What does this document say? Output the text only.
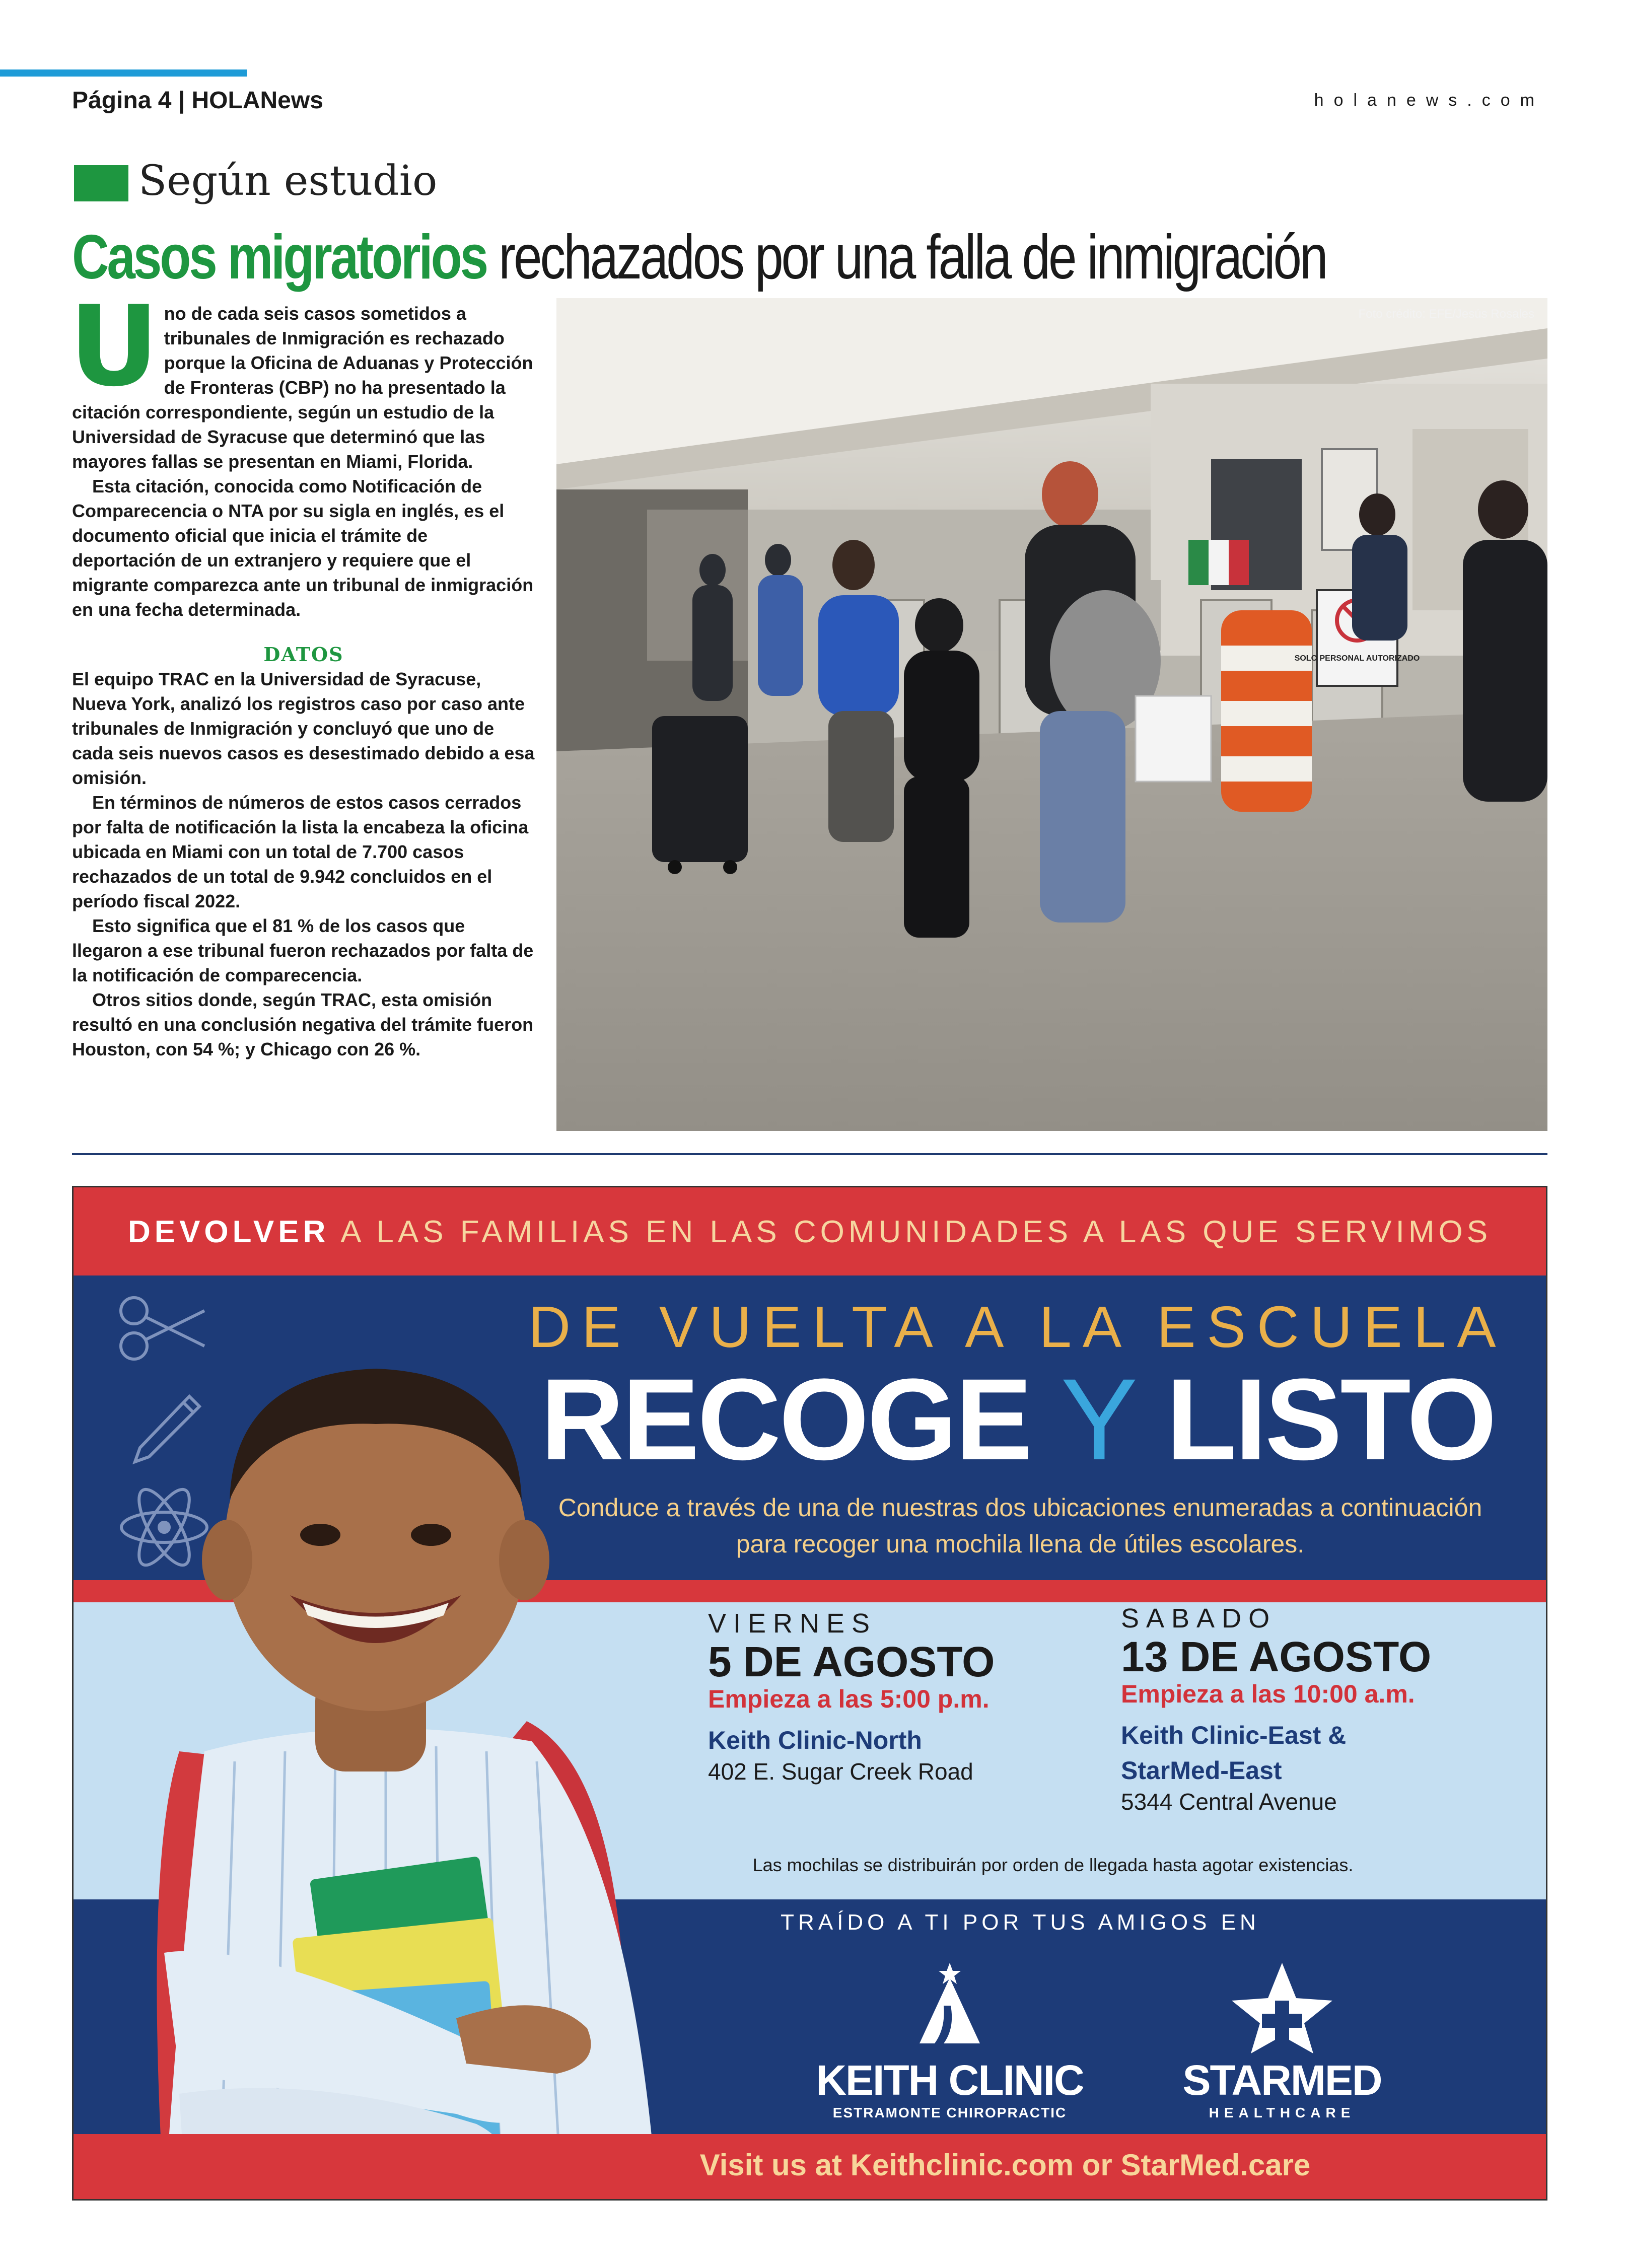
Página 4 | HOLANews	holanews.com
Según estudio
Casos migratorios rechazados por una falla de inmigración
U no de cada seis casos sometidos a tribunales de Inmigración es rechazado porque la Oficina de Aduanas y Protección de Fronteras (CBP) no ha presentado la citación correspondiente, según un estudio de la Universidad de Syracuse que determinó que las mayores fallas se presentan en Miami, Florida.

Esta citación, conocida como Notificación de Comparecencia o NTA por su sigla en inglés, es el documento oficial que inicia el trámite de deportación de un extranjero y requiere que el migrante comparezca ante un tribunal de inmigración en una fecha determinada.

DATOS

El equipo TRAC en la Universidad de Syracuse, Nueva York, analizó los registros caso por caso ante tribunales de Inmigración y concluyó que uno de cada seis nuevos casos es desestimado debido a esa omisión.

En términos de números de estos casos cerrados por falta de notificación la lista la encabeza la oficina ubicada en Miami con un total de 7.700 casos rechazados de un total de 9.942 concluidos en el período fiscal 2022.

Esto significa que el 81 % de los casos que llegaron a ese tribunal fueron rechazados por falta de la notificación de comparecencia.

Otros sitios donde, según TRAC, esta omisión resultó en una conclusión negativa del trámite fueron Houston, con 54 %; y Chicago con 26 %.

SOLO PERSONAL AUTORIZADO
Foto crédito: EFE/Jesús Rosales
DEVOLVER A LAS FAMILIAS EN LAS COMUNIDADES A LAS QUE SERVIMOS
DE VUELTA A LA ESCUELA
RECOGE Y LISTO
Conduce a través de una de nuestras dos ubicaciones enumeradas a continuación para recoger una mochila llena de útiles escolares.
VIERNES
5 DE AGOSTO
Empieza a las 5:00 p.m.
Keith Clinic-North
402 E. Sugar Creek Road
SABADO
13 DE AGOSTO
Empieza a las 10:00 a.m.
Keith Clinic-East &
StarMed-East
5344 Central Avenue
Las mochilas se distribuirán por orden de llegada hasta agotar existencias.
TRAÍDO A TI POR TUS AMIGOS EN
KEITH CLINIC
ESTRAMONTE CHIROPRACTIC
STARMED
HEALTHCARE
Visit us at Keithclinic.com or StarMed.care
